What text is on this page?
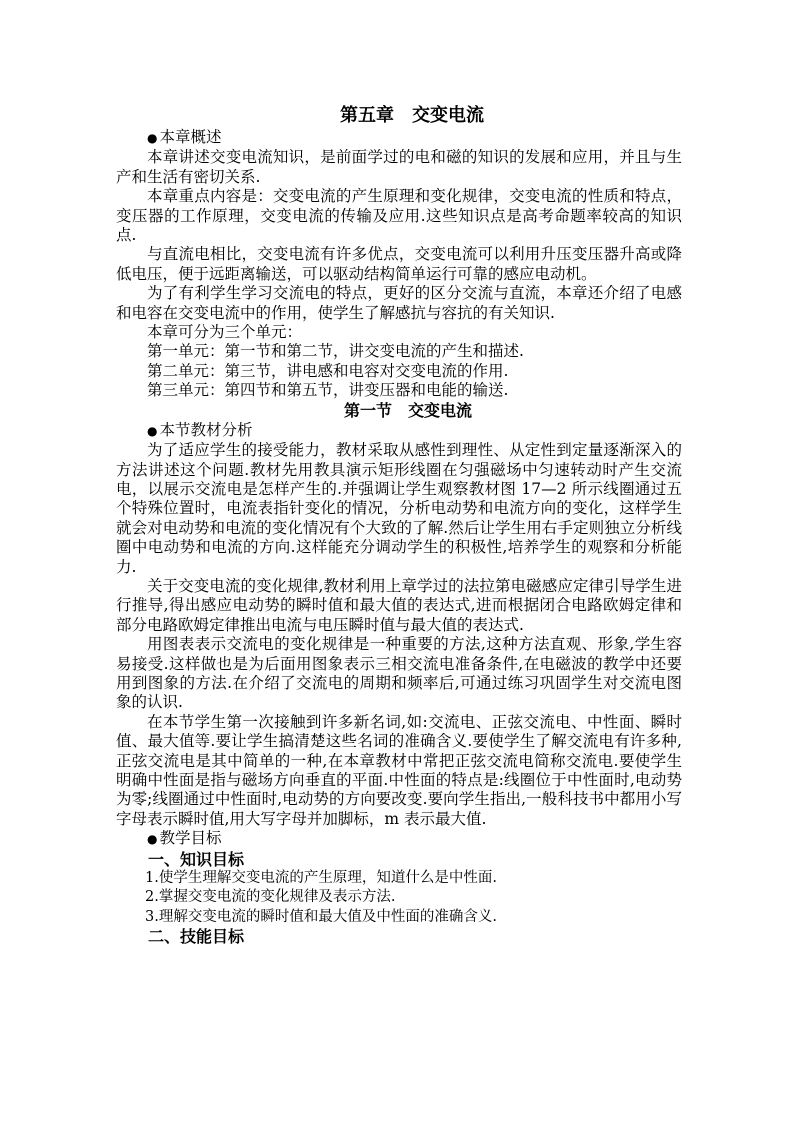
第五章　交变电流

● 本章概述

本章讲述交变电流知识，是前面学过的电和磁的知识的发展和应用，并且与生产和生活有密切关系.

本章重点内容是：交变电流的产生原理和变化规律，交变电流的性质和特点，变压器的工作原理，交变电流的传输及应用.这些知识点是高考命题率较高的知识点.

与直流电相比，交变电流有许多优点，交变电流可以利用升压变压器升高或降低电压，便于远距离输送，可以驱动结构简单运行可靠的感应电动机。

为了有利学生学习交流电的特点，更好的区分交流与直流，本章还介绍了电感和电容在交变电流中的作用，使学生了解感抗与容抗的有关知识.

本章可分为三个单元：

第一单元：第一节和第二节，讲交变电流的产生和描述.

第二单元：第三节，讲电感和电容对交变电流的作用.

第三单元：第四节和第五节，讲变压器和电能的输送.

第一节　交变电流

● 本节教材分析

为了适应学生的接受能力，教材采取从感性到理性、从定性到定量逐渐深入的方法讲述这个问题.教材先用教具演示矩形线圈在匀强磁场中匀速转动时产生交流电，以展示交流电是怎样产生的.并强调让学生观察教材图 17—2 所示线圈通过五个特殊位置时，电流表指针变化的情况，分析电动势和电流方向的变化，这样学生就会对电动势和电流的变化情况有个大致的了解.然后让学生用右手定则独立分析线圈中电动势和电流的方向.这样能充分调动学生的积极性,培养学生的观察和分析能力.

关于交变电流的变化规律,教材利用上章学过的法拉第电磁感应定律引导学生进行推导,得出感应电动势的瞬时值和最大值的表达式,进而根据闭合电路欧姆定律和部分电路欧姆定律推出电流与电压瞬时值与最大值的表达式.

用图表表示交流电的变化规律是一种重要的方法,这种方法直观、形象,学生容易接受.这样做也是为后面用图象表示三相交流电准备条件,在电磁波的教学中还要用到图象的方法.在介绍了交流电的周期和频率后,可通过练习巩固学生对交流电图象的认识.

在本节学生第一次接触到许多新名词,如:交流电、正弦交流电、中性面、瞬时值、最大值等.要让学生搞清楚这些名词的准确含义.要使学生了解交流电有许多种,正弦交流电是其中简单的一种,在本章教材中常把正弦交流电简称交流电.要使学生明确中性面是指与磁场方向垂直的平面.中性面的特点是:线圈位于中性面时,电动势为零;线圈通过中性面时,电动势的方向要改变.要向学生指出,一般科技书中都用小写字母表示瞬时值,用大写字母并加脚标，m 表示最大值.

● 教学目标

一、知识目标

1.使学生理解交变电流的产生原理，知道什么是中性面.

2.掌握交变电流的变化规律及表示方法.

3.理解交变电流的瞬时值和最大值及中性面的准确含义.

二、技能目标
